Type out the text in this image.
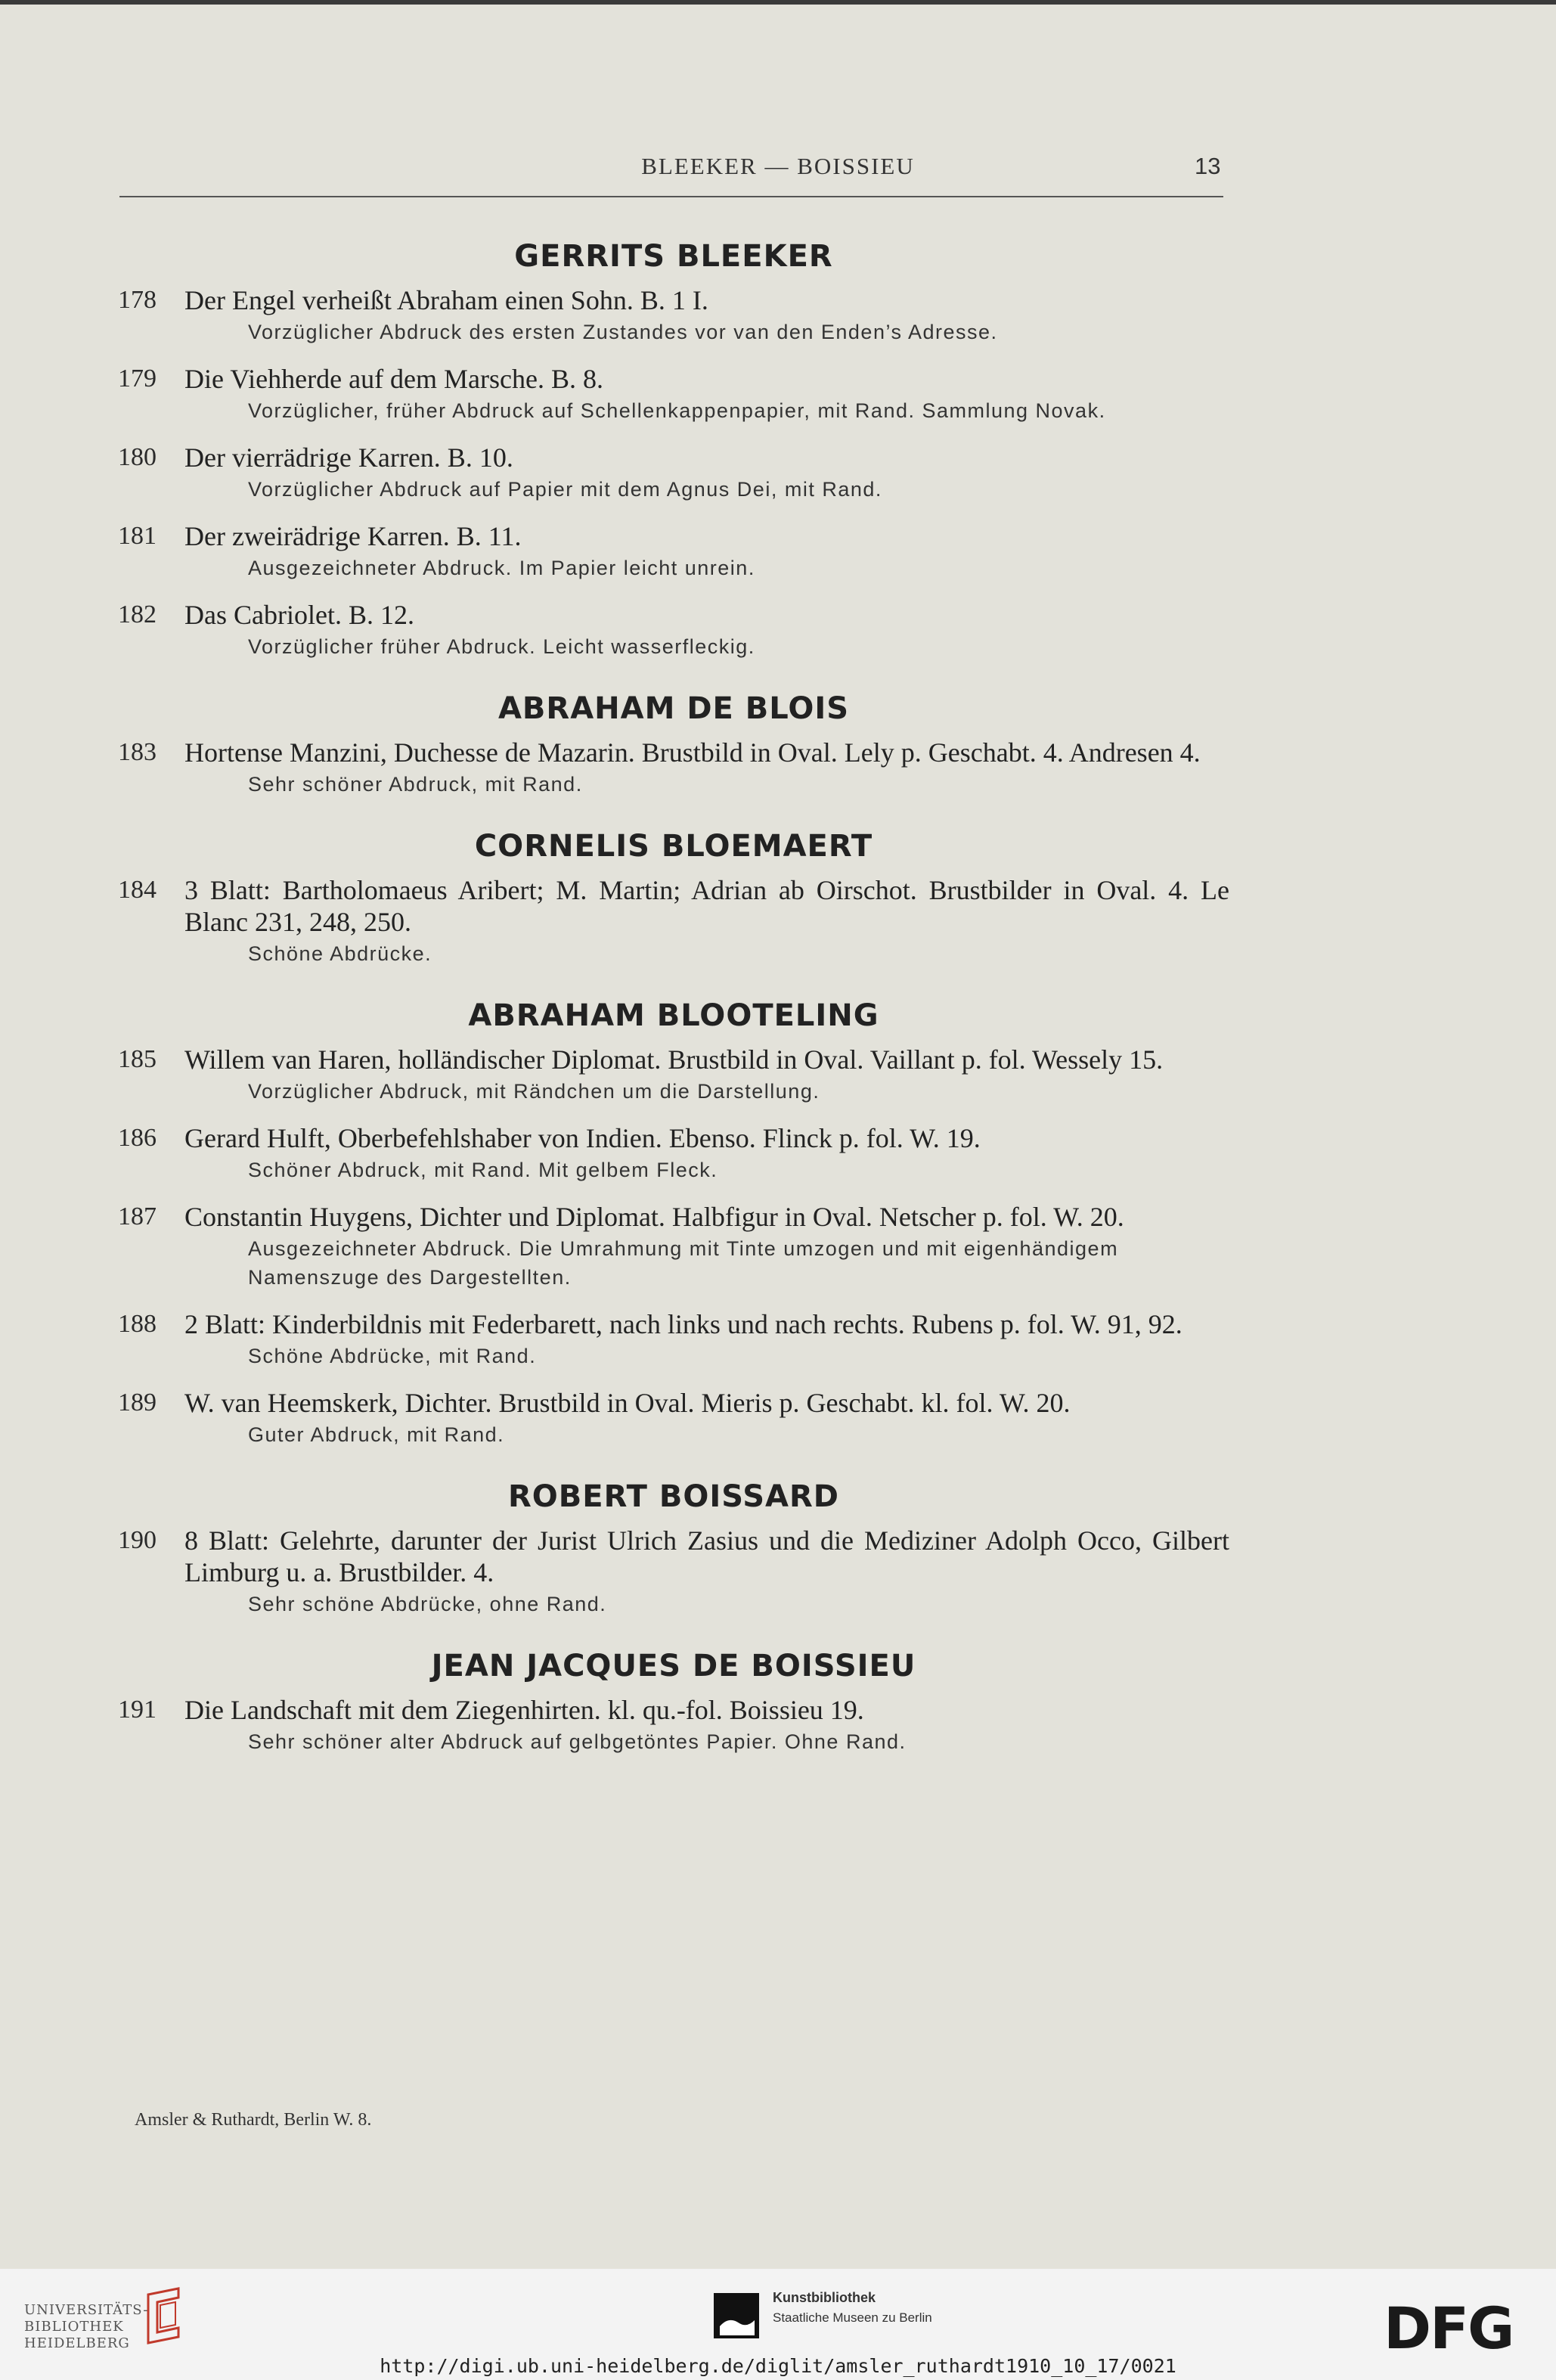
BLEEKER — BOISSIEU	13
GERRITS BLEEKER
178	Der Engel verheißt Abraham einen Sohn. B. 1 I.
Vorzüglicher Abdruck des ersten Zustandes vor van den Enden’s Adresse.
179	Die Viehherde auf dem Marsche. B. 8.
Vorzüglicher, früher Abdruck auf Schellenkappenpapier, mit Rand. Sammlung Novak.
180	Der vierrädrige Karren. B. 10.
Vorzüglicher Abdruck auf Papier mit dem Agnus Dei, mit Rand.
181	Der zweirädrige Karren. B. 11.
Ausgezeichneter Abdruck. Im Papier leicht unrein.
182	Das Cabriolet. B. 12.
Vorzüglicher früher Abdruck. Leicht wasserfleckig.
ABRAHAM DE BLOIS
183	Hortense Manzini, Duchesse de Mazarin. Brustbild in Oval. Lely p. Geschabt. 4. Andresen 4.
Sehr schöner Abdruck, mit Rand.
CORNELIS BLOEMAERT
184	3 Blatt: Bartholomaeus Aribert; M. Martin; Adrian ab Oirschot. Brustbilder in Oval. 4. Le Blanc 231, 248, 250.
Schöne Abdrücke.
ABRAHAM BLOOTELING
185	Willem van Haren, holländischer Diplomat. Brustbild in Oval. Vaillant p. fol. Wessely 15.
Vorzüglicher Abdruck, mit Rändchen um die Darstellung.
186	Gerard Hulft, Oberbefehlshaber von Indien. Ebenso. Flinck p. fol. W. 19.
Schöner Abdruck, mit Rand. Mit gelbem Fleck.
187	Constantin Huygens, Dichter und Diplomat. Halbfigur in Oval. Netscher p. fol. W. 20.
Ausgezeichneter Abdruck. Die Umrahmung mit Tinte umzogen und mit eigenhändigem Namenszuge des Dargestellten.
188	2 Blatt: Kinderbildnis mit Federbarett, nach links und nach rechts. Rubens p. fol. W. 91, 92.
Schöne Abdrücke, mit Rand.
189	W. van Heemskerk, Dichter. Brustbild in Oval. Mieris p. Geschabt. kl. fol. W. 20.
Guter Abdruck, mit Rand.
ROBERT BOISSARD
190	8 Blatt: Gelehrte, darunter der Jurist Ulrich Zasius und die Mediziner Adolph Occo, Gilbert Limburg u. a. Brustbilder. 4.
Sehr schöne Abdrücke, ohne Rand.
JEAN JACQUES DE BOISSIEU
191	Die Landschaft mit dem Ziegenhirten. kl. qu.-fol. Boissieu 19.
Sehr schöner alter Abdruck auf gelbgetöntes Papier. Ohne Rand.
Amsler & Ruthardt, Berlin W. 8.
UNIVERSITÄTS-
BIBLIOTHEK
HEIDELBERG
Kunstbibliothek
Staatliche Museen zu Berlin	DFG
http://digi.ub.uni-heidelberg.de/diglit/amsler_ruthardt1910_10_17/0021
